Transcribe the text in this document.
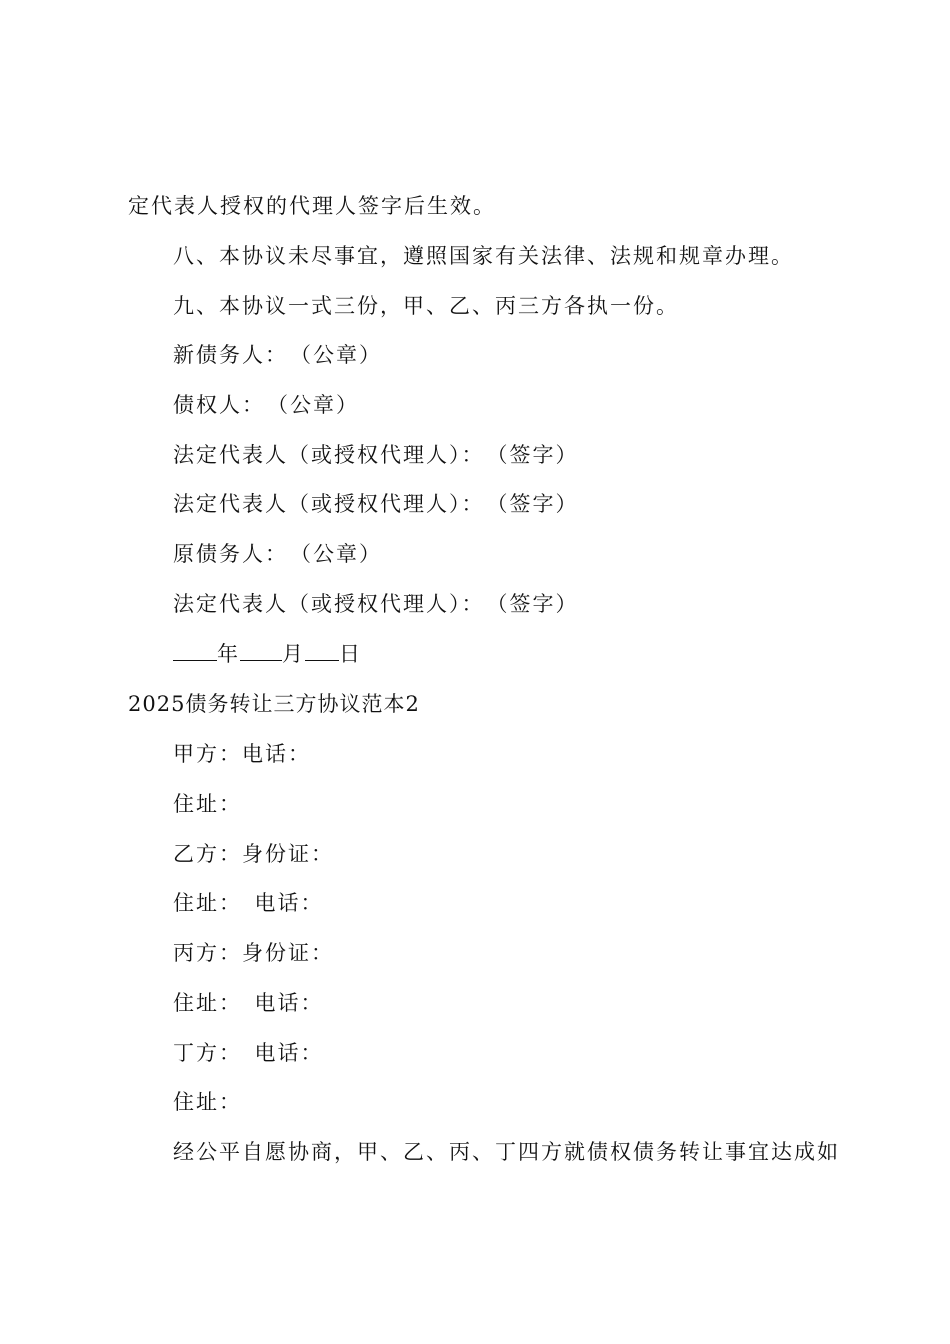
定代表人授权的代理人签字后生效。
八、本协议未尽事宜，遵照国家有关法律、法规和规章办理。
九、本协议一式三份，甲、乙、丙三方各执一份。
新债务人：　（公章）
债权人：　（公章）
法定代表人（或授权代理人）：　（签字）
法定代表人（或授权代理人）：　（签字）
原债务人：　（公章）
法定代表人（或授权代理人）：　（签字）
年 月 日
2025债务转让三方协议范本2
甲方：电话：
住址：
乙方：身份证：
住址：　电话：
丙方：身份证：
住址：　电话：
丁方：　电话：
住址：
经公平自愿协商，甲、乙、丙、丁四方就债权债务转让事宜达成如
